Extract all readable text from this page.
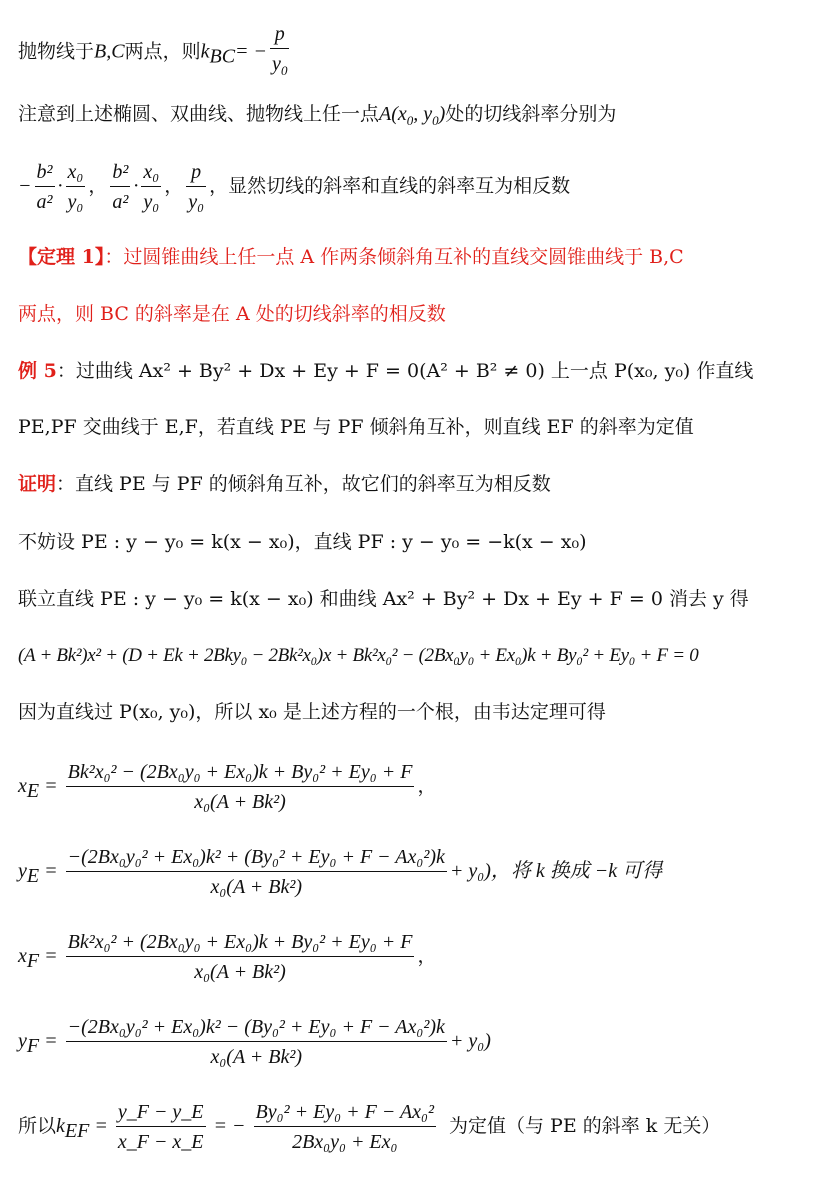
抛物线于B,C两点，则$k_{BC}= - \frac{p}{y_0}$
注意到上述椭圆、双曲线、抛物线上任一点$A(x_0$, $y_0$)处的切线斜率分别为
− $\frac{\text{b²}}{\text{a²}} \cdot \frac{\text{x₀}}{\text{y₀}}$ ， $\frac{\text{b²}}{\text{a²}} \cdot \frac{\text{x₀}}{\text{y₀}}$ ， $\frac{p}{\text{y₀}}$ ，显然切线的斜率和直线的斜率互为相反数
【定理 1】：过圆锥曲线上任一点 A 作两条倾斜角互补的直线交圆锥曲线于 B,C
两点，则 BC 的斜率是在 A 处的切线斜率的相反数
例 5：过曲线 Ax² + By² + Dx + Ey + F = 0(A² + B² ≠ 0) 上一点 P(x₀, y₀) 作直线
PE,PF 交曲线于 E,F，若直线 PE 与 PF 倾斜角互补，则直线 EF 的斜率为定值
证明：直线 PE 与 PF 的倾斜角互补，故它们的斜率互为相反数
不妨设 PE : y − y₀ = k(x − x₀)，直线 PF : y − y₀ = −k(x − x₀)
联立直线 PE : y − y₀ = k(x − x₀) 和曲线 Ax² + By² + Dx + Ey + F = 0 消去 y 得
(A + Bk²)x² + (D + Ek + 2Bky₀ − 2Bk²x₀)x + Bk²x₀² − (2Bx₀y₀ + Ex₀)k + By₀² + Ey₀ + F = 0
因为直线过 P(x₀, y₀)，所以 x₀ 是上述方程的一个根，由韦达定理可得
$x_E = \frac{\text{Bk²x₀² − (2Bx₀y₀ + Ex₀)k + By₀² + Ey₀ + F}}{\text{x₀(A + Bk²)}}$ ，
$y_E = \frac{\text{−(2Bx₀y₀² + Ex₀)k² + (By₀² + Ey₀ + F − Ax₀²)k}}{\text{x₀(A + Bk²)}} + y_0$)，将 k 换成 −k 可得
$x_F = \frac{\text{Bk²x₀² + (2Bx₀y₀ + Ex₀)k + By₀² + Ey₀ + F}}{\text{x₀(A + Bk²)}}$ ，
$y_F = \frac{\text{−(2Bx₀y₀² + Ex₀)k² − (By₀² + Ey₀ + F − Ax₀²)k}}{\text{x₀(A + Bk²)}} + y_0$)
所以$k_{EF} = \frac{y\_F - y\_E}{x\_F - x\_E}$ = − $\frac{\text{By₀² + Ey₀ + F − Ax₀²}}{\text{2Bx₀y₀ + Ex₀}}$ 为定值（与 PE 的斜率 k 无关）
